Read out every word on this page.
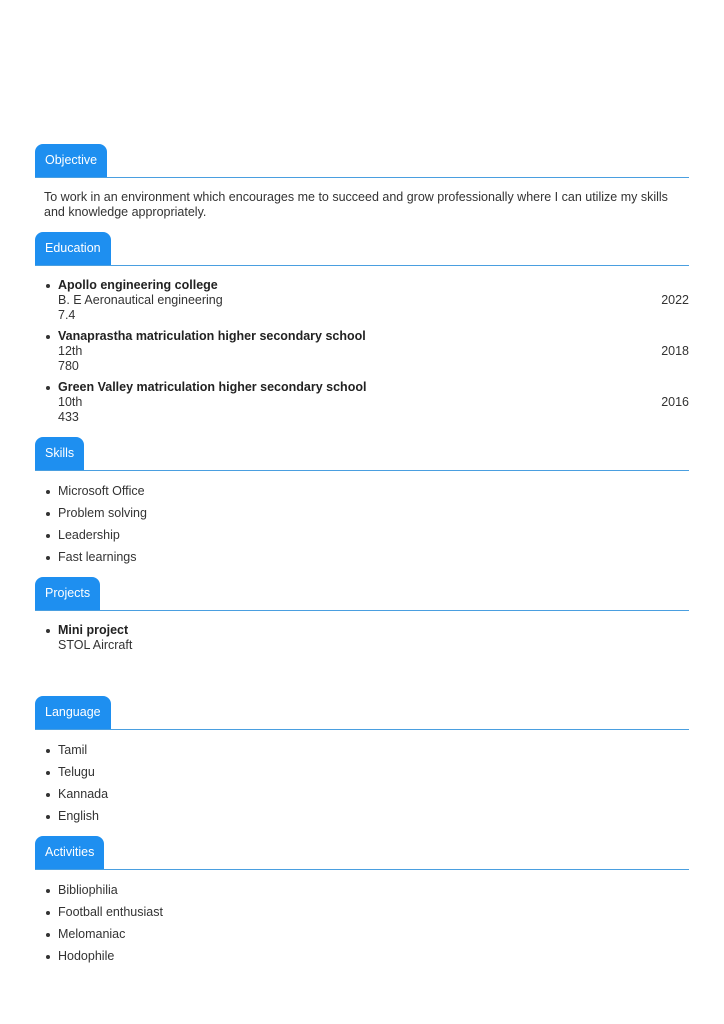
Objective

To work in an environment which encourages me to succeed and grow professionally where I can utilize my skills and knowledge appropriately.

Education
Apollo engineering college
B. E Aeronautical engineering	2022
7.4
Vanaprastha matriculation higher secondary school
12th	2018
780
Green Valley matriculation higher secondary school
10th	2016
433
Skills
Microsoft Office
Problem solving
Leadership
Fast learnings
Projects
Mini project
STOL Aircraft
Language
Tamil
Telugu
Kannada
English
Activities
Bibliophilia
Football enthusiast
Melomaniac
Hodophile
